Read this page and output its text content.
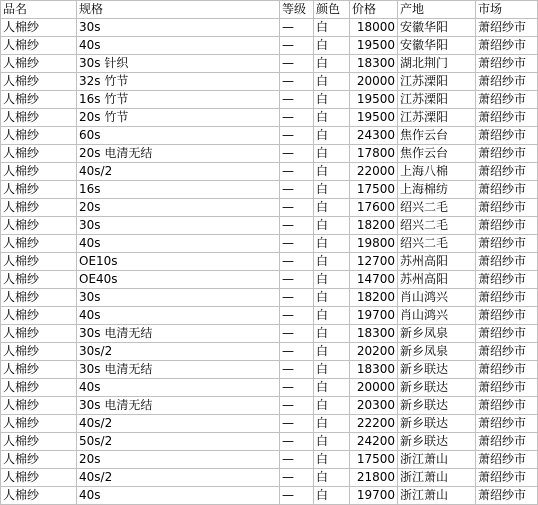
品名	规格	等级	颜色	价格	产地	市场
人棉纱	30s	—	白	18000	安徽华阳	萧绍纱市
人棉纱	40s	—	白	19500	安徽华阳	萧绍纱市
人棉纱	30s 针织	—	白	18300	湖北荆门	萧绍纱市
人棉纱	32s 竹节	—	白	20000	江苏溧阳	萧绍纱市
人棉纱	16s 竹节	—	白	19500	江苏溧阳	萧绍纱市
人棉纱	20s 竹节	—	白	19500	江苏溧阳	萧绍纱市
人棉纱	60s	—	白	24300	焦作云台	萧绍纱市
人棉纱	20s 电清无结	—	白	17800	焦作云台	萧绍纱市
人棉纱	40s/2	—	白	22000	上海八棉	萧绍纱市
人棉纱	16s	—	白	17500	上海棉纺	萧绍纱市
人棉纱	20s	—	白	17600	绍兴二毛	萧绍纱市
人棉纱	30s	—	白	18200	绍兴二毛	萧绍纱市
人棉纱	40s	—	白	19800	绍兴二毛	萧绍纱市
人棉纱	OE10s	—	白	12700	苏州高阳	萧绍纱市
人棉纱	OE40s	—	白	14700	苏州高阳	萧绍纱市
人棉纱	30s	—	白	18200	肖山鸿兴	萧绍纱市
人棉纱	40s	—	白	19700	肖山鸿兴	萧绍纱市
人棉纱	30s 电清无结	—	白	18300	新乡凤泉	萧绍纱市
人棉纱	30s/2	—	白	20200	新乡凤泉	萧绍纱市
人棉纱	30s 电清无结	—	白	18300	新乡联达	萧绍纱市
人棉纱	40s	—	白	20000	新乡联达	萧绍纱市
人棉纱	30s 电清无结	—	白	20300	新乡联达	萧绍纱市
人棉纱	40s/2	—	白	22200	新乡联达	萧绍纱市
人棉纱	50s/2	—	白	24200	新乡联达	萧绍纱市
人棉纱	20s	—	白	17500	浙江萧山	萧绍纱市
人棉纱	40s/2	—	白	21800	浙江萧山	萧绍纱市
人棉纱	40s	—	白	19700	浙江萧山	萧绍纱市
